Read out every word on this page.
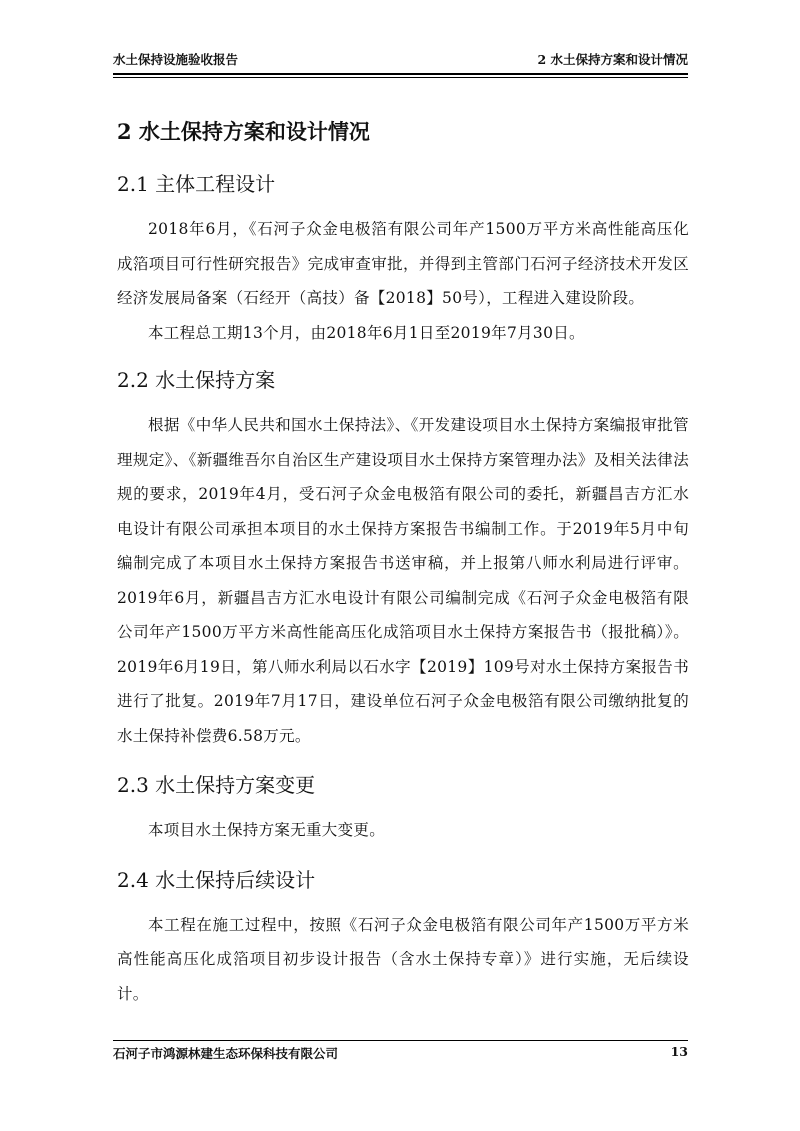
水土保持设施验收报告	2 水土保持方案和设计情况
2 水土保持方案和设计情况
2.1 主体工程设计

2018年6月，《石河子众金电极箔有限公司年产1500万平方米高性能高压化成箔项目可行性研究报告》完成审查审批，并得到主管部门石河子经济技术开发区经济发展局备案（石经开（高技）备【2018】50号），工程进入建设阶段。

本工程总工期13个月，由2018年6月1日至2019年7月30日。

2.2 水土保持方案

根据《中华人民共和国水土保持法》、《开发建设项目水土保持方案编报审批管理规定》、《新疆维吾尔自治区生产建设项目水土保持方案管理办法》及相关法律法规的要求，2019年4月，受石河子众金电极箔有限公司的委托，新疆昌吉方汇水电设计有限公司承担本项目的水土保持方案报告书编制工作。于2019年5月中旬编制完成了本项目水土保持方案报告书送审稿，并上报第八师水利局进行评审。2019年6月，新疆昌吉方汇水电设计有限公司编制完成《石河子众金电极箔有限公司年产1500万平方米高性能高压化成箔项目水土保持方案报告书（报批稿）》。2019年6月19日，第八师水利局以石水字【2019】109号对水土保持方案报告书进行了批复。2019年7月17日，建设单位石河子众金电极箔有限公司缴纳批复的水土保持补偿费6.58万元。

2.3 水土保持方案变更

本项目水土保持方案无重大变更。

2.4 水土保持后续设计

本工程在施工过程中，按照《石河子众金电极箔有限公司年产1500万平方米高性能高压化成箔项目初步设计报告（含水土保持专章）》进行实施，无后续设计。

石河子市鸿源林建生态环保科技有限公司	13
